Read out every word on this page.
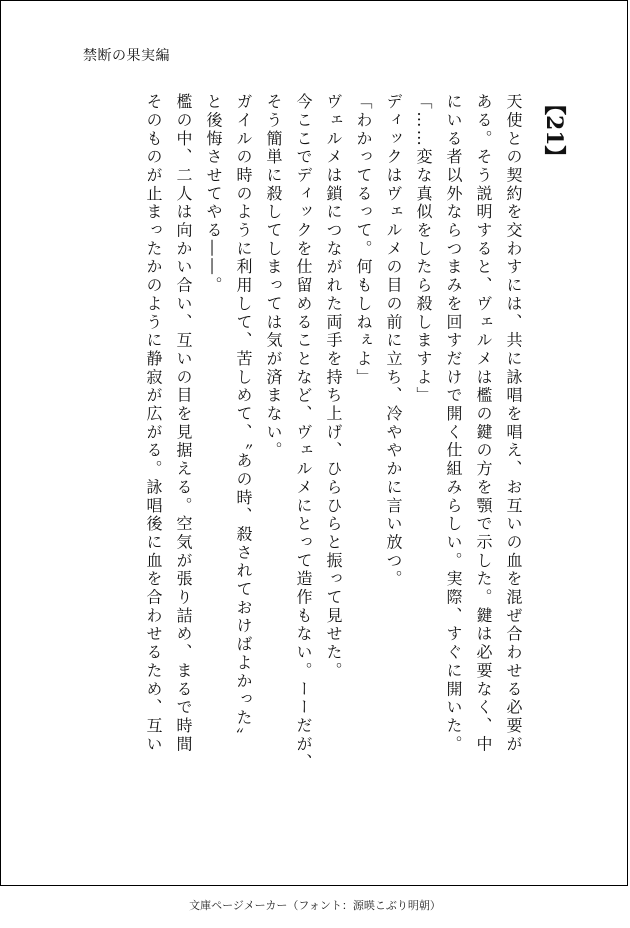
禁断の果実編
【21】
天使との契約を交わすには、共に詠唱を唱え、お互いの血を混ぜ合わせる必要が
ある。そう説明すると、ヴェルメは檻の鍵の方を顎で示した。鍵は必要なく、中
にいる者以外ならつまみを回すだけで開く仕組みらしい。実際、すぐに開いた。
「……変な真似をしたら殺しますよ」
ディックはヴェルメの目の前に立ち、冷ややかに言い放つ。
「わかってるって。何もしねぇよ」
ヴェルメは鎖につながれた両手を持ち上げ、ひらひらと振って見せた。
今ここでディックを仕留めることなど、ヴェルメにとって造作もない。ーーだが、
そう簡単に殺してしまっては気が済まない。
ガイルの時のように利用して、苦しめて、〝あの時、殺されておけばよかった〟
と後悔させてやる――。
檻の中、二人は向かい合い、互いの目を見据える。空気が張り詰め、まるで時間
そのものが止まったかのように静寂が広がる。詠唱後に血を合わせるため、互い
文庫ページメーカー（フォント：源暎こぶり明朝）
